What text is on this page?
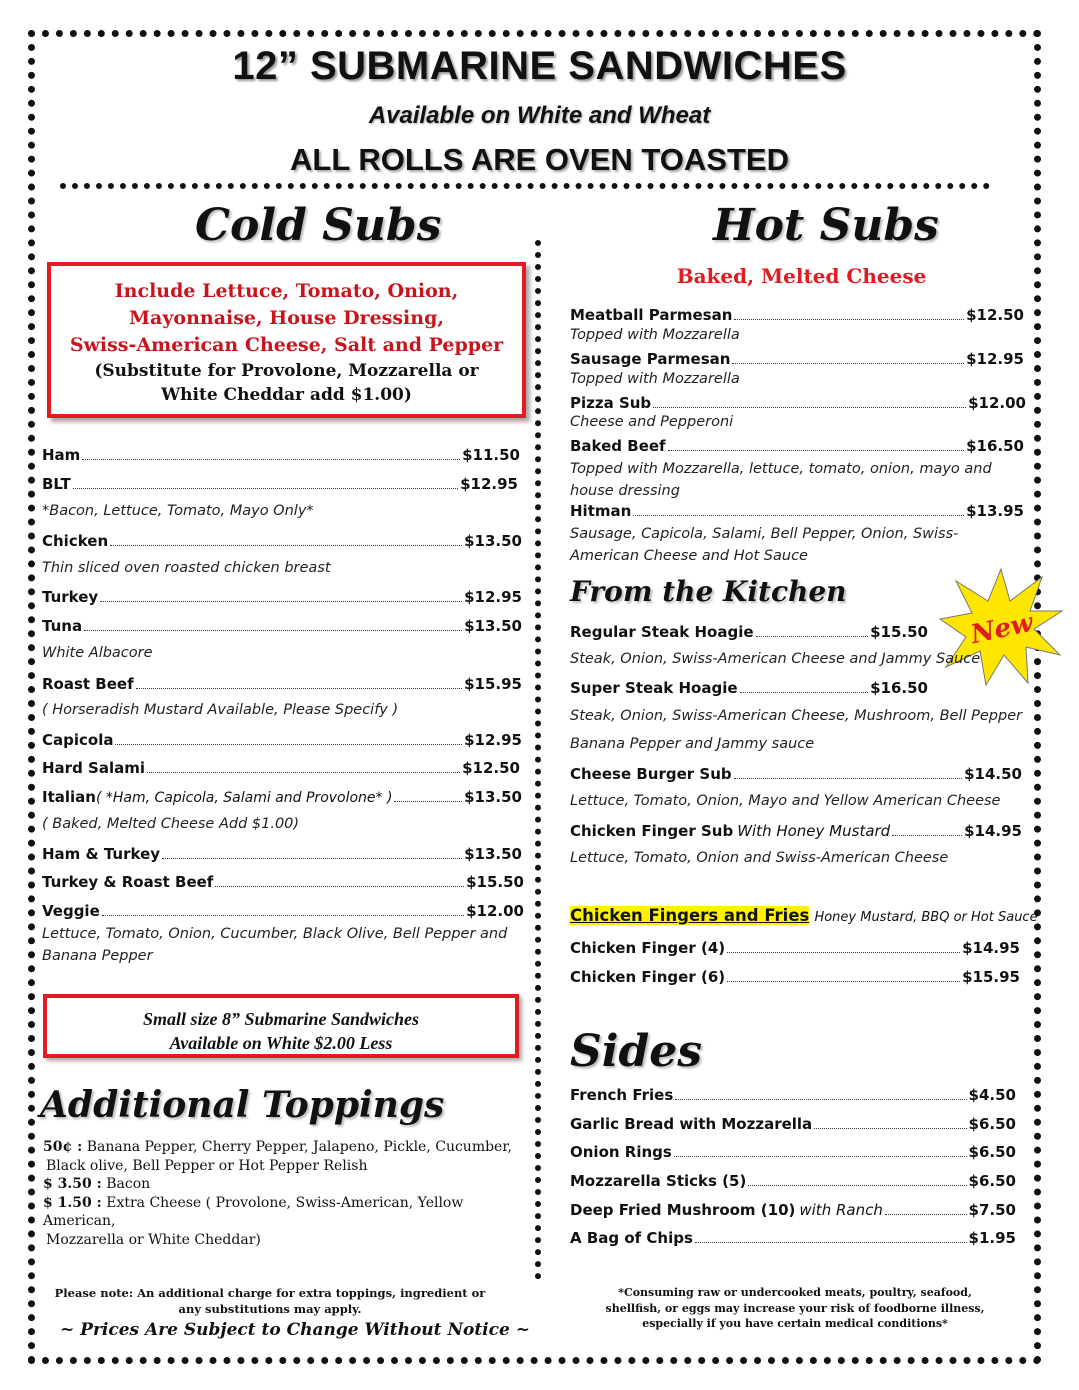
12” SUBMARINE SANDWICHES
Available on White and Wheat
ALL ROLLS ARE OVEN TOASTED
Cold Subs
Include Lettuce, Tomato, Onion,
Mayonnaise, House Dressing,
Swiss-American Cheese, Salt and Pepper
(Substitute for Provolone, Mozzarella or
White Cheddar add $1.00)
Ham	$11.50
BLT	$12.95
*Bacon, Lettuce, Tomato, Mayo Only*
Chicken	$13.50
Thin sliced oven roasted chicken breast
Turkey	$12.95
Tuna	$13.50
White Albacore
Roast Beef	$15.95
( Horseradish Mustard Available, Please Specify )
Capicola	$12.95
Hard Salami	$12.50
Italian ( *Ham, Capicola, Salami and Provolone* )	$13.50
( Baked, Melted Cheese Add $1.00)
Ham & Turkey	$13.50
Turkey & Roast Beef	$15.50
Veggie	$12.00
Lettuce, Tomato, Onion, Cucumber, Black Olive, Bell Pepper and Banana Pepper
Small size 8” Submarine Sandwiches
Available on White $2.00 Less
Additional Toppings
50¢ : Banana Pepper, Cherry Pepper, Jalapeno, Pickle, Cucumber,
Black olive, Bell Pepper or Hot Pepper Relish
$ 3.50 : Bacon
$ 1.50 : Extra Cheese ( Provolone, Swiss-American, Yellow American,
Mozzarella or White Cheddar)
Please note: An additional charge for extra toppings, ingredient or
any substitutions may apply.
~ Prices Are Subject to Change Without Notice ~
Hot Subs
Baked, Melted Cheese
Meatball Parmesan	$12.50
Topped with Mozzarella
Sausage Parmesan	$12.95
Topped with Mozzarella
Pizza Sub	$12.00
Cheese and Pepperoni
Baked Beef	$16.50
Topped with Mozzarella, lettuce, tomato, onion, mayo and house dressing
Hitman	$13.95
Sausage, Capicola, Salami, Bell Pepper, Onion, Swiss-American Cheese and Hot Sauce
From the Kitchen
New
Regular Steak Hoagie	$15.50
Steak, Onion, Swiss-American Cheese and Jammy Sauce
Super Steak Hoagie	$16.50
Steak, Onion, Swiss-American Cheese, Mushroom, Bell Pepper
Banana Pepper and Jammy sauce
Cheese Burger Sub	$14.50
Lettuce, Tomato, Onion, Mayo and Yellow American Cheese
Chicken Finger Sub With Honey Mustard	$14.95
Lettuce, Tomato, Onion and Swiss-American Cheese
Chicken Fingers and Fries Honey Mustard, BBQ or Hot Sauce
Chicken Finger (4)	$14.95
Chicken Finger (6)	$15.95
Sides
French Fries	$4.50
Garlic Bread with Mozzarella	$6.50
Onion Rings	$6.50
Mozzarella Sticks (5)	$6.50
Deep Fried Mushroom (10) with Ranch	$7.50
A Bag of Chips	$1.95
*Consuming raw or undercooked meats, poultry, seafood,
shellfish, or eggs may increase your risk of foodborne illness,
especially if you have certain medical conditions*
